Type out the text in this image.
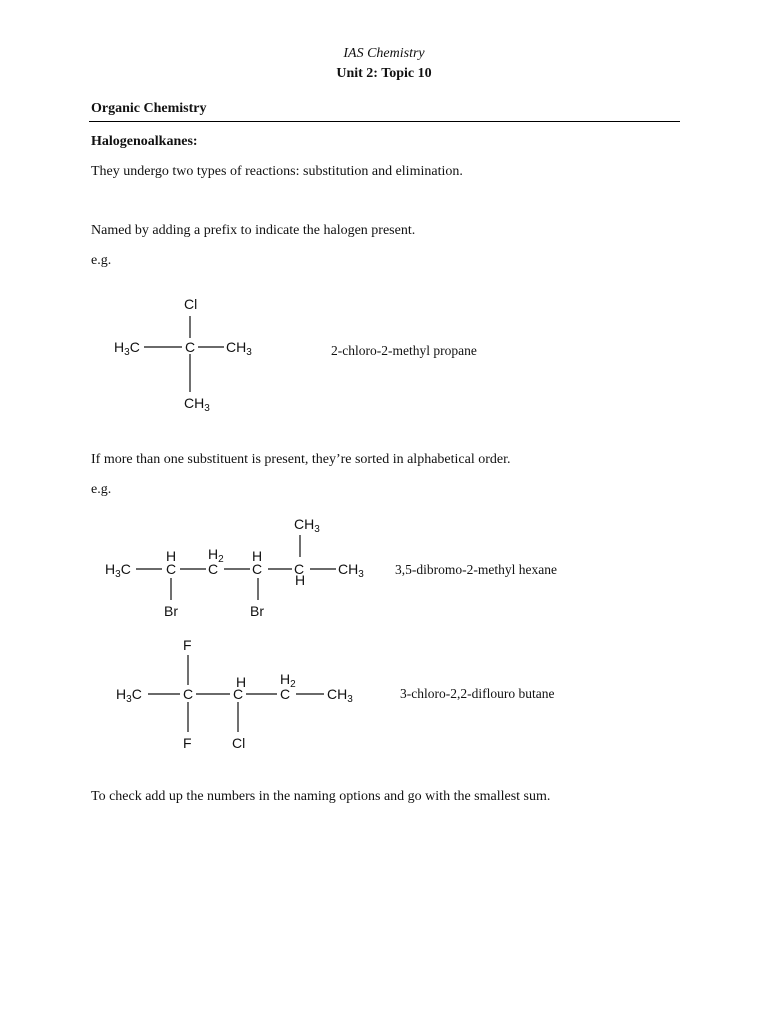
IAS Chemistry
Unit 2: Topic 10
Organic Chemistry
Halogenoalkanes:
They undergo two types of reactions: substitution and elimination.
Named by adding a prefix to indicate the halogen present.
e.g.
Cl
H3C	C CH3
CH3
2-chloro-2-methyl propane
If more than one substituent is present, they’re sorted in alphabetical order.
e.g.
CH3
H H2 H
H3C	C C C C CH3
H
Br	Br
3,5-dibromo-2-methyl hexane
F
H H2
H3C	C	C	C	CH3
F	Cl
3-chloro-2,2-diflouro butane
To check add up the numbers in the naming options and go with the smallest sum.
